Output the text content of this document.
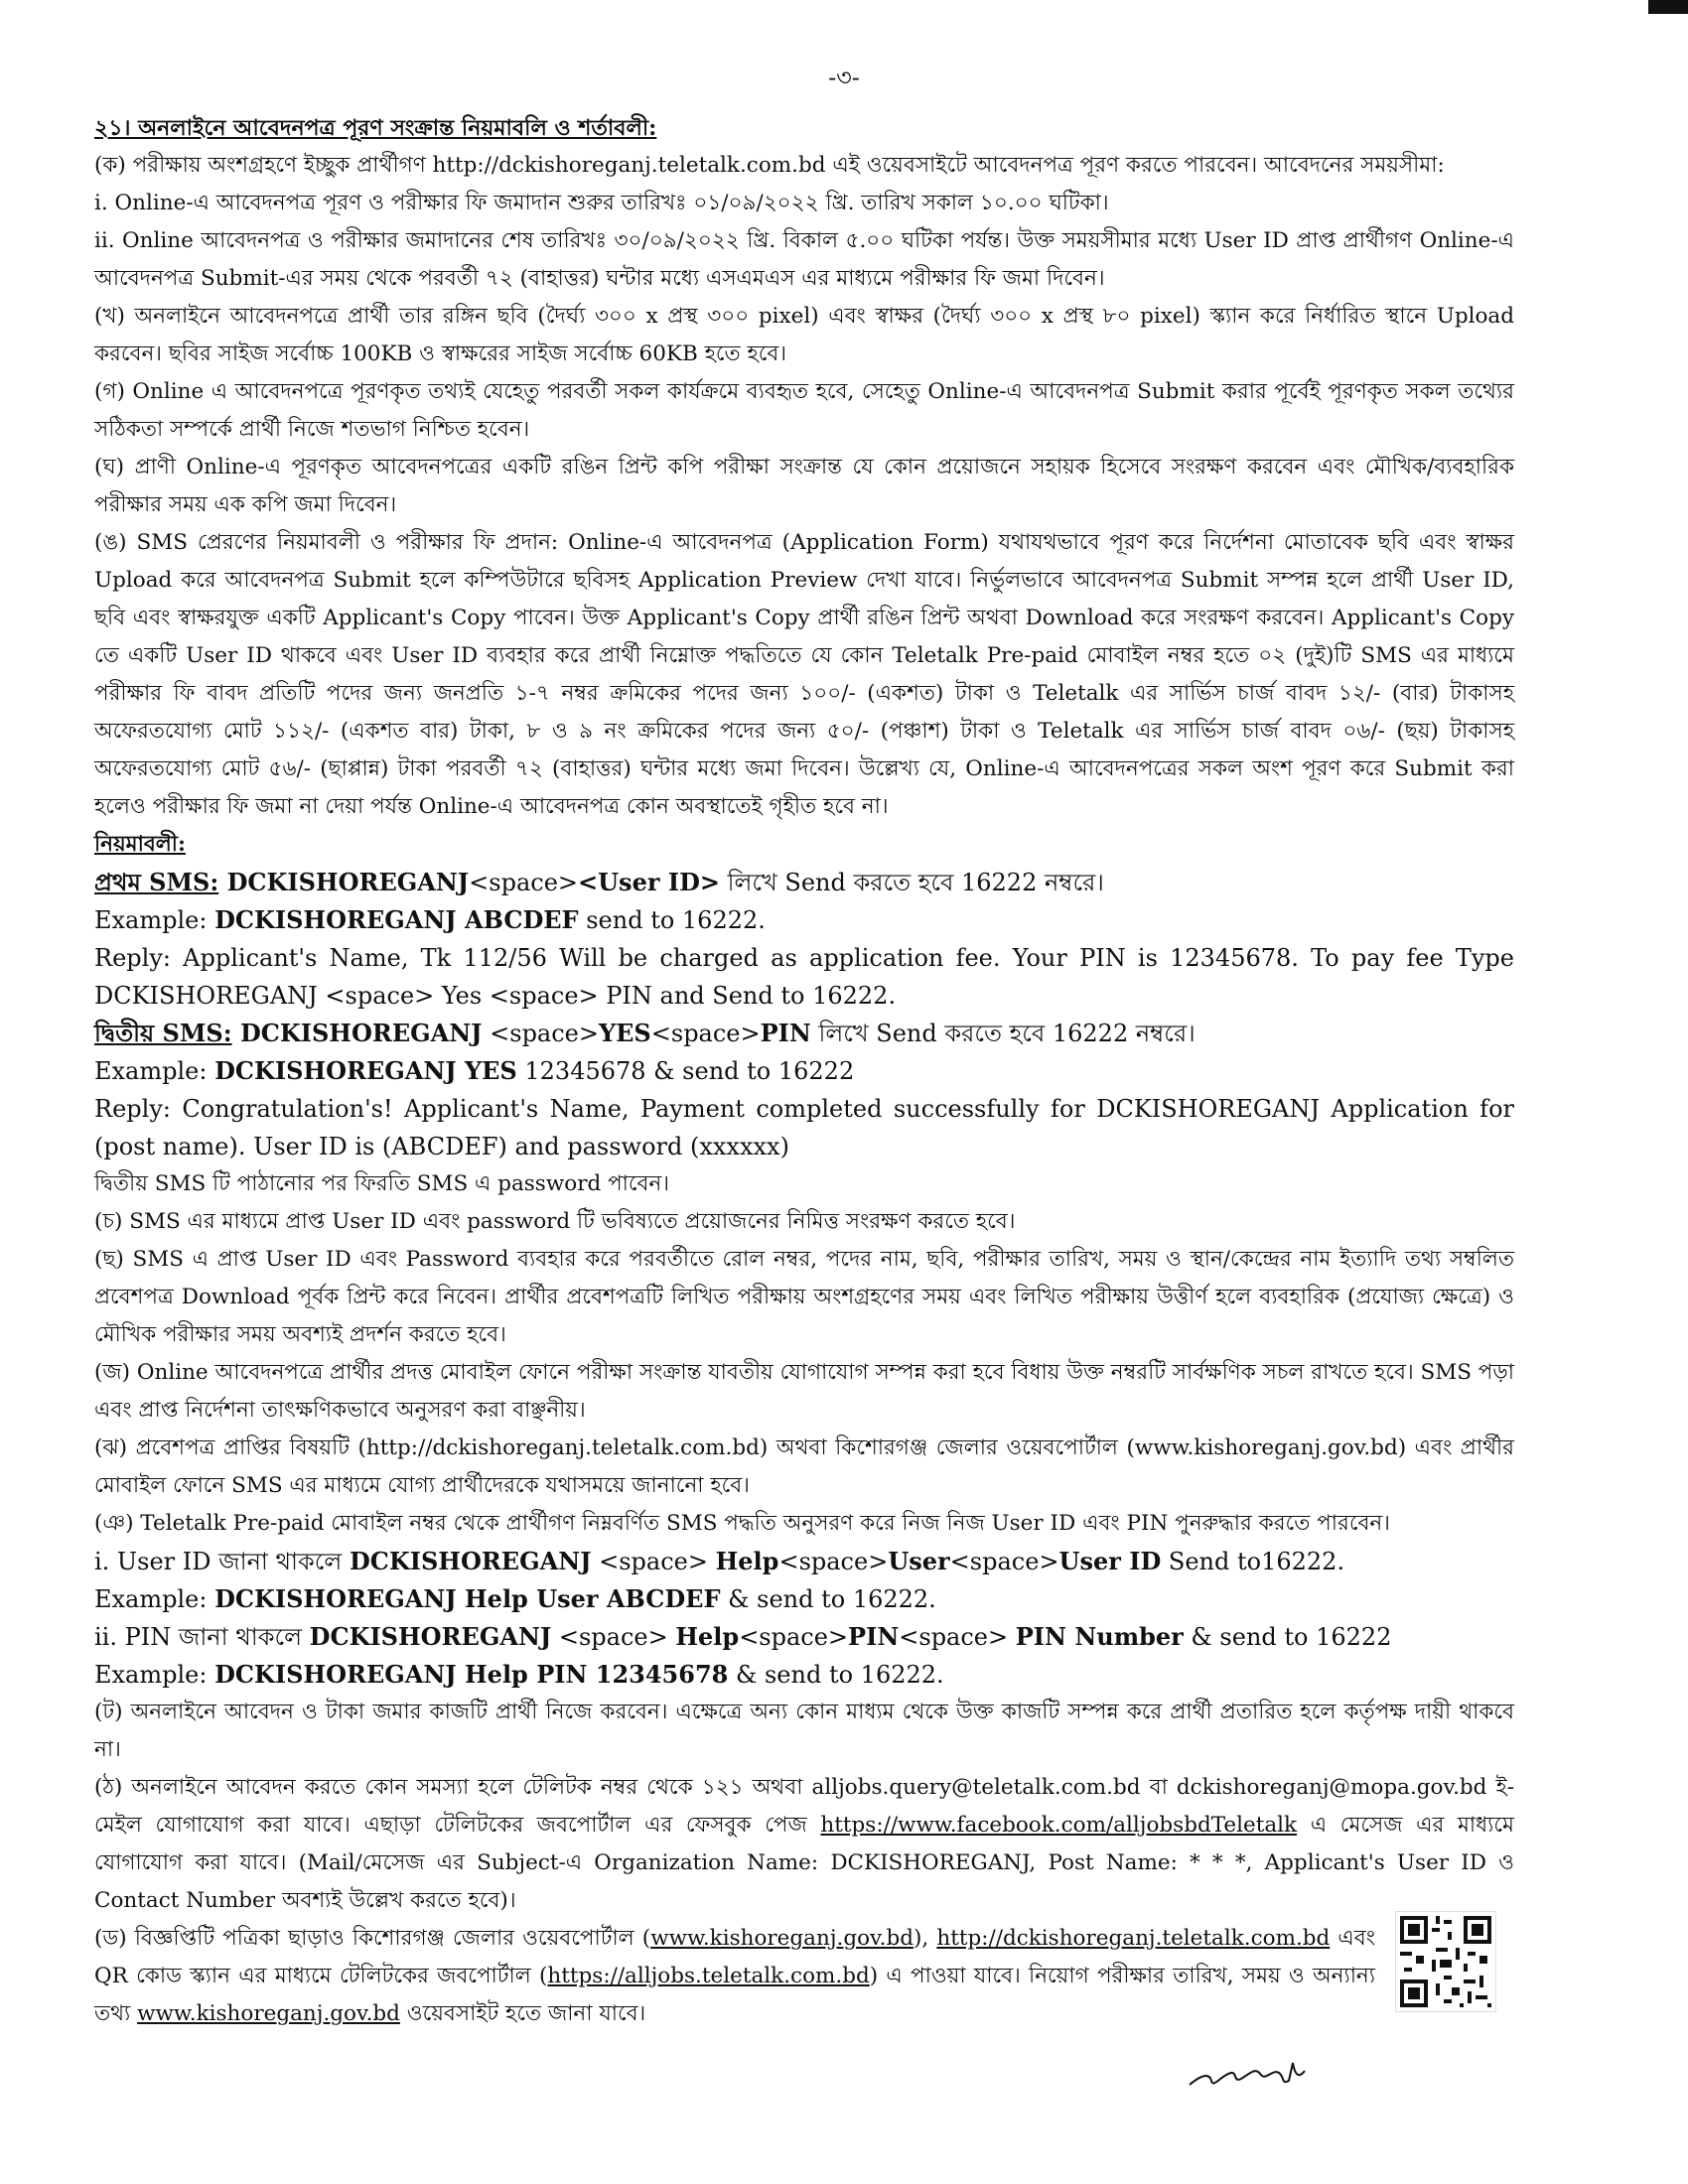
-৩-

২১। অনলাইনে আবেদনপত্র পূরণ সংক্রান্ত নিয়মাবলি ও শর্তাবলী:

(ক) পরীক্ষায় অংশগ্রহণে ইচ্ছুক প্রার্থীগণ http://dckishoreganj.teletalk.com.bd এই ওয়েবসাইটে আবেদনপত্র পূরণ করতে পারবেন। আবেদনের সময়সীমা:

i. Online-এ আবেদনপত্র পূরণ ও পরীক্ষার ফি জমাদান শুরুর তারিখঃ ০১/০৯/২০২২ খ্রি. তারিখ সকাল ১০.০০ ঘটিকা।

ii. Online আবেদনপত্র ও পরীক্ষার জমাদানের শেষ তারিখঃ ৩০/০৯/২০২২ খ্রি. বিকাল ৫.০০ ঘটিকা পর্যন্ত। উক্ত সময়সীমার মধ্যে User ID প্রাপ্ত প্রার্থীগণ Online-এ আবেদনপত্র Submit-এর সময় থেকে পরবর্তী ৭২ (বাহাত্তর) ঘন্টার মধ্যে এসএমএস এর মাধ্যমে পরীক্ষার ফি জমা দিবেন।

(খ) অনলাইনে আবেদনপত্রে প্রার্থী তার রঙ্গিন ছবি (দৈর্ঘ্য ৩০০ x প্রস্থ ৩০০ pixel) এবং স্বাক্ষর (দৈর্ঘ্য ৩০০ x প্রস্থ ৮০ pixel) স্ক্যান করে নির্ধারিত স্থানে Upload করবেন। ছবির সাইজ সর্বোচ্চ 100KB ও স্বাক্ষরের সাইজ সর্বোচ্চ 60KB হতে হবে।

(গ) Online এ আবেদনপত্রে পূরণকৃত তথ্যই যেহেতু পরবর্তী সকল কার্যক্রমে ব্যবহৃত হবে, সেহেতু Online-এ আবেদনপত্র Submit করার পূর্বেই পূরণকৃত সকল তথ্যের সঠিকতা সম্পর্কে প্রার্থী নিজে শতভাগ নিশ্চিত হবেন।

(ঘ) প্রাণী Online-এ পূরণকৃত আবেদনপত্রের একটি রঙিন প্রিন্ট কপি পরীক্ষা সংক্রান্ত যে কোন প্রয়োজনে সহায়ক হিসেবে সংরক্ষণ করবেন এবং মৌখিক/ব্যবহারিক পরীক্ষার সময় এক কপি জমা দিবেন।

(ঙ) SMS প্রেরণের নিয়মাবলী ও পরীক্ষার ফি প্রদান: Online-এ আবেদনপত্র (Application Form) যথাযথভাবে পূরণ করে নির্দেশনা মোতাবেক ছবি এবং স্বাক্ষর Upload করে আবেদনপত্র Submit হলে কম্পিউটারে ছবিসহ Application Preview দেখা যাবে। নির্ভুলভাবে আবেদনপত্র Submit সম্পন্ন হলে প্রার্থী User ID, ছবি এবং স্বাক্ষরযুক্ত একটি Applicant's Copy পাবেন। উক্ত Applicant's Copy প্রার্থী রঙিন প্রিন্ট অথবা Download করে সংরক্ষণ করবেন। Applicant's Copy তে একটি User ID থাকবে এবং User ID ব্যবহার করে প্রার্থী নিম্নোক্ত পদ্ধতিতে যে কোন Teletalk Pre-paid মোবাইল নম্বর হতে ০২ (দুই)টি SMS এর মাধ্যমে পরীক্ষার ফি বাবদ প্রতিটি পদের জন্য জনপ্রতি ১-৭ নম্বর ক্রমিকের পদের জন্য ১০০/- (একশত) টাকা ও Teletalk এর সার্ভিস চার্জ বাবদ ১২/- (বার) টাকাসহ অফেরতযোগ্য মোট ১১২/- (একশত বার) টাকা, ৮ ও ৯ নং ক্রমিকের পদের জন্য ৫০/- (পঞ্চাশ) টাকা ও Teletalk এর সার্ভিস চার্জ বাবদ ০৬/- (ছয়) টাকাসহ অফেরতযোগ্য মোট ৫৬/- (ছাপ্পান্ন) টাকা পরবর্তী ৭২ (বাহাত্তর) ঘন্টার মধ্যে জমা দিবেন। উল্লেখ্য যে, Online-এ আবেদনপত্রের সকল অংশ পূরণ করে Submit করা হলেও পরীক্ষার ফি জমা না দেয়া পর্যন্ত Online-এ আবেদনপত্র কোন অবস্থাতেই গৃহীত হবে না।

নিয়মাবলী:

প্রথম SMS: DCKISHOREGANJ<space><User ID> লিখে Send করতে হবে 16222 নম্বরে।

Example: DCKISHOREGANJ ABCDEF send to 16222.

Reply: Applicant's Name, Tk 112/56 Will be charged as application fee. Your PIN is 12345678. To pay fee Type DCKISHOREGANJ <space> Yes <space> PIN and Send to 16222.

দ্বিতীয় SMS: DCKISHOREGANJ <space>YES<space>PIN লিখে Send করতে হবে 16222 নম্বরে।

Example: DCKISHOREGANJ YES 12345678 & send to 16222

Reply: Congratulation's! Applicant's Name, Payment completed successfully for DCKISHOREGANJ Application for (post name). User ID is (ABCDEF) and password (xxxxxx)

দ্বিতীয় SMS টি পাঠানোর পর ফিরতি SMS এ password পাবেন।

(চ) SMS এর মাধ্যমে প্রাপ্ত User ID এবং password টি ভবিষ্যতে প্রয়োজনের নিমিত্ত সংরক্ষণ করতে হবে।

(ছ) SMS এ প্রাপ্ত User ID এবং Password ব্যবহার করে পরবর্তীতে রোল নম্বর, পদের নাম, ছবি, পরীক্ষার তারিখ, সময় ও স্থান/কেন্দ্রের নাম ইত্যাদি তথ্য সম্বলিত প্রবেশপত্র Download পূর্বক প্রিন্ট করে নিবেন। প্রার্থীর প্রবেশপত্রটি লিখিত পরীক্ষায় অংশগ্রহণের সময় এবং লিখিত পরীক্ষায় উত্তীর্ণ হলে ব্যবহারিক (প্রযোজ্য ক্ষেত্রে) ও মৌখিক পরীক্ষার সময় অবশ্যই প্রদর্শন করতে হবে।

(জ) Online আবেদনপত্রে প্রার্থীর প্রদত্ত মোবাইল ফোনে পরীক্ষা সংক্রান্ত যাবতীয় যোগাযোগ সম্পন্ন করা হবে বিধায় উক্ত নম্বরটি সার্বক্ষণিক সচল রাখতে হবে। SMS পড়া এবং প্রাপ্ত নির্দেশনা তাৎক্ষণিকভাবে অনুসরণ করা বাঞ্ছনীয়।

(ঝ) প্রবেশপত্র প্রাপ্তির বিষয়টি (http://dckishoreganj.teletalk.com.bd) অথবা কিশোরগঞ্জ জেলার ওয়েবপোর্টাল (www.kishoreganj.gov.bd) এবং প্রার্থীর মোবাইল ফোনে SMS এর মাধ্যমে যোগ্য প্রার্থীদেরকে যথাসময়ে জানানো হবে।

(ঞ) Teletalk Pre-paid মোবাইল নম্বর থেকে প্রার্থীগণ নিম্নবর্ণিত SMS পদ্ধতি অনুসরণ করে নিজ নিজ User ID এবং PIN পুনরুদ্ধার করতে পারবেন।

i. User ID জানা থাকলে DCKISHOREGANJ <space> Help<space>User<space>User ID Send to16222.

Example: DCKISHOREGANJ Help User ABCDEF & send to 16222.

ii. PIN জানা থাকলে DCKISHOREGANJ <space> Help<space>PIN<space> PIN Number & send to 16222

Example: DCKISHOREGANJ Help PIN 12345678 & send to 16222.

(ট) অনলাইনে আবেদন ও টাকা জমার কাজটি প্রার্থী নিজে করবেন। এক্ষেত্রে অন্য কোন মাধ্যম থেকে উক্ত কাজটি সম্পন্ন করে প্রার্থী প্রতারিত হলে কর্তৃপক্ষ দায়ী থাকবে না।

(ঠ) অনলাইনে আবেদন করতে কোন সমস্যা হলে টেলিটক নম্বর থেকে ১২১ অথবা alljobs.query@teletalk.com.bd বা dckishoreganj@mopa.gov.bd ই-মেইল যোগাযোগ করা যাবে। এছাড়া টেলিটকের জবপোর্টাল এর ফেসবুক পেজ https://www.facebook.com/alljobsbdTeletalk এ মেসেজ এর মাধ্যমে যোগাযোগ করা যাবে। (Mail/মেসেজ এর Subject-এ Organization Name: DCKISHOREGANJ, Post Name: * * *, Applicant's User ID ও Contact Number অবশ্যই উল্লেখ করতে হবে)।

(ড) বিজ্ঞপ্তিটি পত্রিকা ছাড়াও কিশোরগঞ্জ জেলার ওয়েবপোর্টাল (www.kishoreganj.gov.bd), http://dckishoreganj.teletalk.com.bd এবং QR কোড স্ক্যান এর মাধ্যমে টেলিটকের জবপোর্টাল (https://alljobs.teletalk.com.bd) এ পাওয়া যাবে। নিয়োগ পরীক্ষার তারিখ, সময় ও অন্যান্য তথ্য www.kishoreganj.gov.bd ওয়েবসাইট হতে জানা যাবে।
